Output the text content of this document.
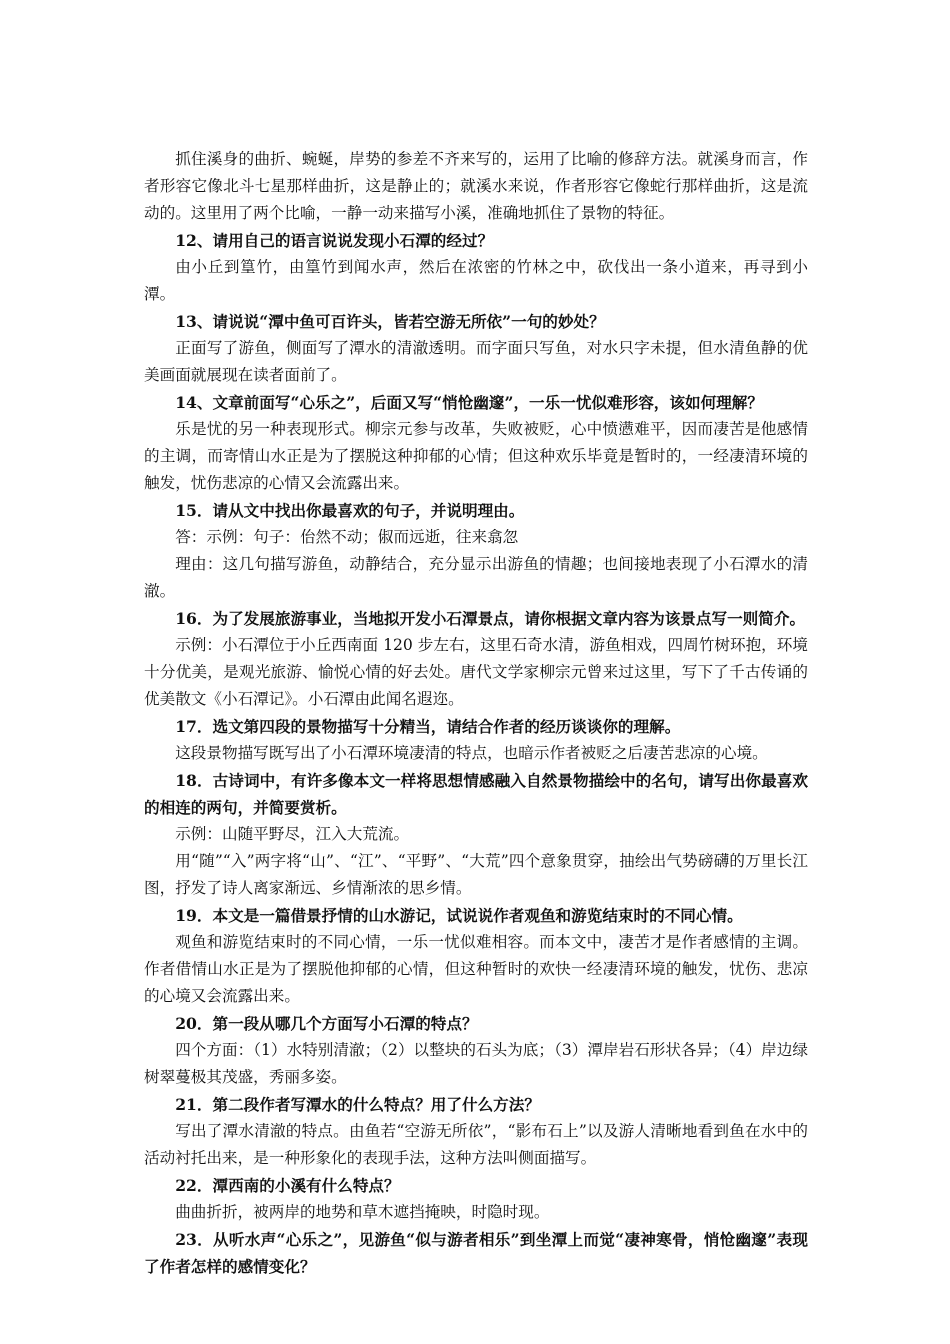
抓住溪身的曲折、蜿蜒，岸势的参差不齐来写的，运用了比喻的修辞方法。就溪身而言，作者形容它像北斗七星那样曲折，这是静止的；就溪水来说，作者形容它像蛇行那样曲折，这是流动的。这里用了两个比喻，一静一动来描写小溪，准确地抓住了景物的特征。

12、请用自己的语言说说发现小石潭的经过？

由小丘到篁竹，由篁竹到闻水声，然后在浓密的竹林之中，砍伐出一条小道来，再寻到小潭。

13、请说说“潭中鱼可百许头，皆若空游无所依”一句的妙处？

正面写了游鱼，侧面写了潭水的清澈透明。而字面只写鱼，对水只字未提，但水清鱼静的优美画面就展现在读者面前了。

14、文章前面写“心乐之”，后面又写“悄怆幽邃”，一乐一忧似难形容，该如何理解？

乐是忧的另一种表现形式。柳宗元参与改革，失败被贬，心中愤懑难平，因而凄苦是他感情的主调，而寄情山水正是为了摆脱这种抑郁的心情；但这种欢乐毕竟是暂时的，一经凄清环境的触发，忧伤悲凉的心情又会流露出来。

15．请从文中找出你最喜欢的句子，并说明理由。

答：示例：句子：佁然不动；俶而远逝，往来翕忽

理由：这几句描写游鱼，动静结合，充分显示出游鱼的情趣；也间接地表现了小石潭水的清澈。

16．为了发展旅游事业，当地拟开发小石潭景点，请你根据文章内容为该景点写一则简介。

示例：小石潭位于小丘西南面 120 步左右，这里石奇水清，游鱼相戏，四周竹树环抱，环境十分优美，是观光旅游、愉悦心情的好去处。唐代文学家柳宗元曾来过这里，写下了千古传诵的优美散文《小石潭记》。小石潭由此闻名遐迩。

17．选文第四段的景物描写十分精当，请结合作者的经历谈谈你的理解。

这段景物描写既写出了小石潭环境凄清的特点，也暗示作者被贬之后凄苦悲凉的心境。

18．古诗词中，有许多像本文一样将思想情感融入自然景物描绘中的名句，请写出你最喜欢的相连的两句，并简要赏析。

示例：山随平野尽，江入大荒流。

用“随”“入”两字将“山”、“江”、“平野”、“大荒”四个意象贯穿，抽绘出气势磅礴的万里长江图，抒发了诗人离家渐远、乡情渐浓的思乡情。

19．本文是一篇借景抒情的山水游记，试说说作者观鱼和游览结束时的不同心情。

观鱼和游览结束时的不同心情，一乐一忧似难相容。而本文中，凄苦才是作者感情的主调。作者借情山水正是为了摆脱他抑郁的心情，但这种暂时的欢快一经凄清环境的触发，忧伤、悲凉的心境又会流露出来。

20．第一段从哪几个方面写小石潭的特点？

四个方面：（1）水特别清澈；（2）以整块的石头为底；（3）潭岸岩石形状各异；（4）岸边绿树翠蔓极其茂盛，秀丽多姿。

21．第二段作者写潭水的什么特点？用了什么方法？

写出了潭水清澈的特点。由鱼若“空游无所依”，“影布石上”以及游人清晰地看到鱼在水中的活动衬托出来，是一种形象化的表现手法，这种方法叫侧面描写。

22．潭西南的小溪有什么特点？

曲曲折折，被两岸的地势和草木遮挡掩映，时隐时现。

23．从听水声“心乐之”，见游鱼“似与游者相乐”到坐潭上而觉“凄神寒骨，悄怆幽邃”表现了作者怎样的感情变化？
